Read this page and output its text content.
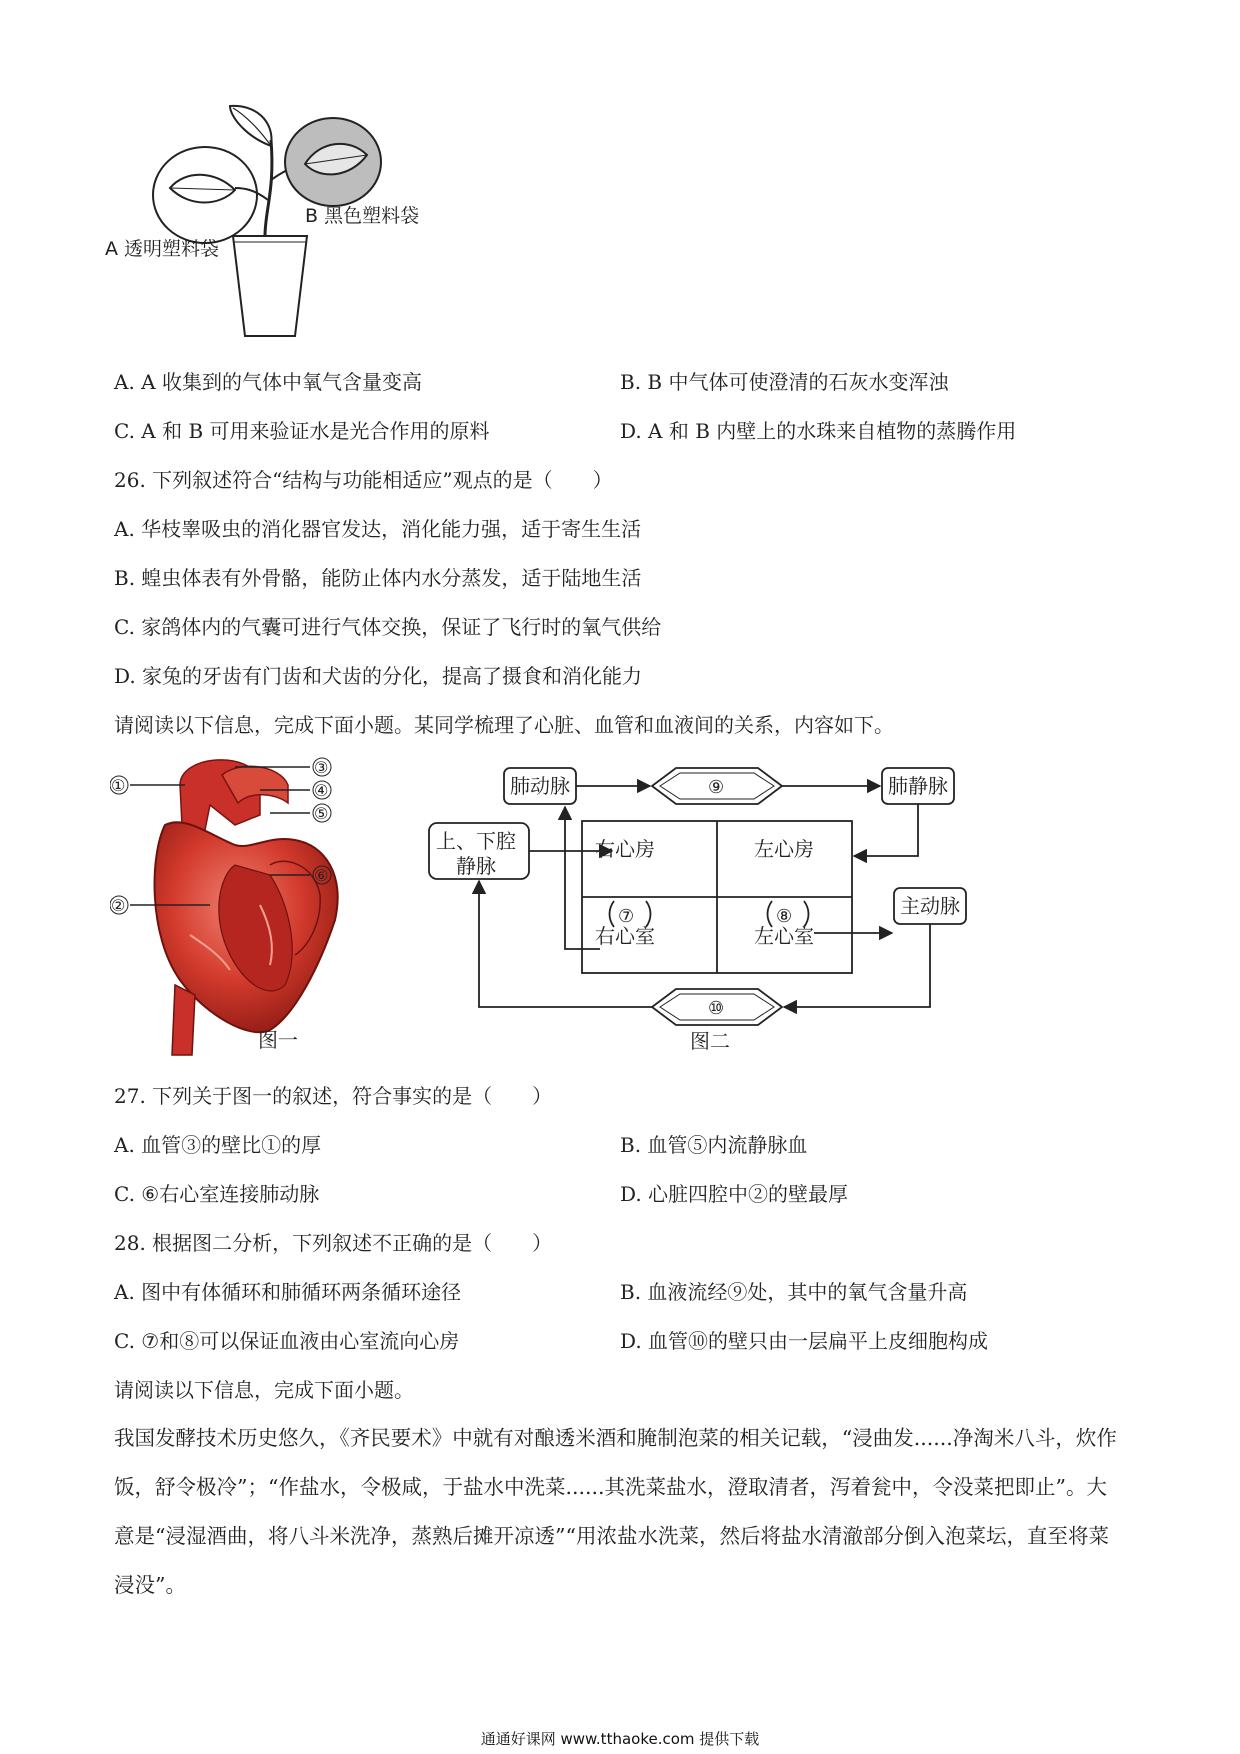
A 透明塑料袋
B 黑色塑料袋
A. A 收集到的气体中氧气含量变高	B. B 中气体可使澄清的石灰水变浑浊
C. A 和 B 可用来验证水是光合作用的原料	D. A 和 B 内壁上的水珠来自植物的蒸腾作用
26. 下列叙述符合“结构与功能相适应”观点的是（　　）
A. 华枝睾吸虫的消化器官发达，消化能力强，适于寄生生活
B. 蝗虫体表有外骨骼，能防止体内水分蒸发，适于陆地生活
C. 家鸽体内的气囊可进行气体交换，保证了飞行时的氧气供给
D. 家兔的牙齿有门齿和犬齿的分化，提高了摄食和消化能力
请阅读以下信息，完成下面小题。某同学梳理了心脏、血管和血液间的关系，内容如下。
①
②
③
④
⑤
⑥
图一
肺动脉	肺静脉
上、下腔
静脉
主动脉
右心房	左心房
右心室	左心室
⑦	⑧
⑨
⑩
图二
27. 下列关于图一的叙述，符合事实的是（　　）
A. 血管③的壁比①的厚	B. 血管⑤内流静脉血
C. ⑥右心室连接肺动脉	D. 心脏四腔中②的壁最厚
28. 根据图二分析，下列叙述不正确的是（　　）
A. 图中有体循环和肺循环两条循环途径	B. 血液流经⑨处，其中的氧气含量升高
C. ⑦和⑧可以保证血液由心室流向心房	D. 血管⑩的壁只由一层扁平上皮细胞构成
请阅读以下信息，完成下面小题。
我国发酵技术历史悠久，《齐民要术》中就有对酿透米酒和腌制泡菜的相关记载，“浸曲发......净淘米八斗，炊作饭，舒令极冷”；“作盐水，令极咸，于盐水中洗菜......其洗菜盐水，澄取清者，泻着瓮中，令没菜把即止”。大意是“浸湿酒曲，将八斗米洗净，蒸熟后摊开凉透”“用浓盐水洗菜，然后将盐水清澈部分倒入泡菜坛，直至将菜浸没”。
通通好课网 www.tthaoke.com 提供下载
